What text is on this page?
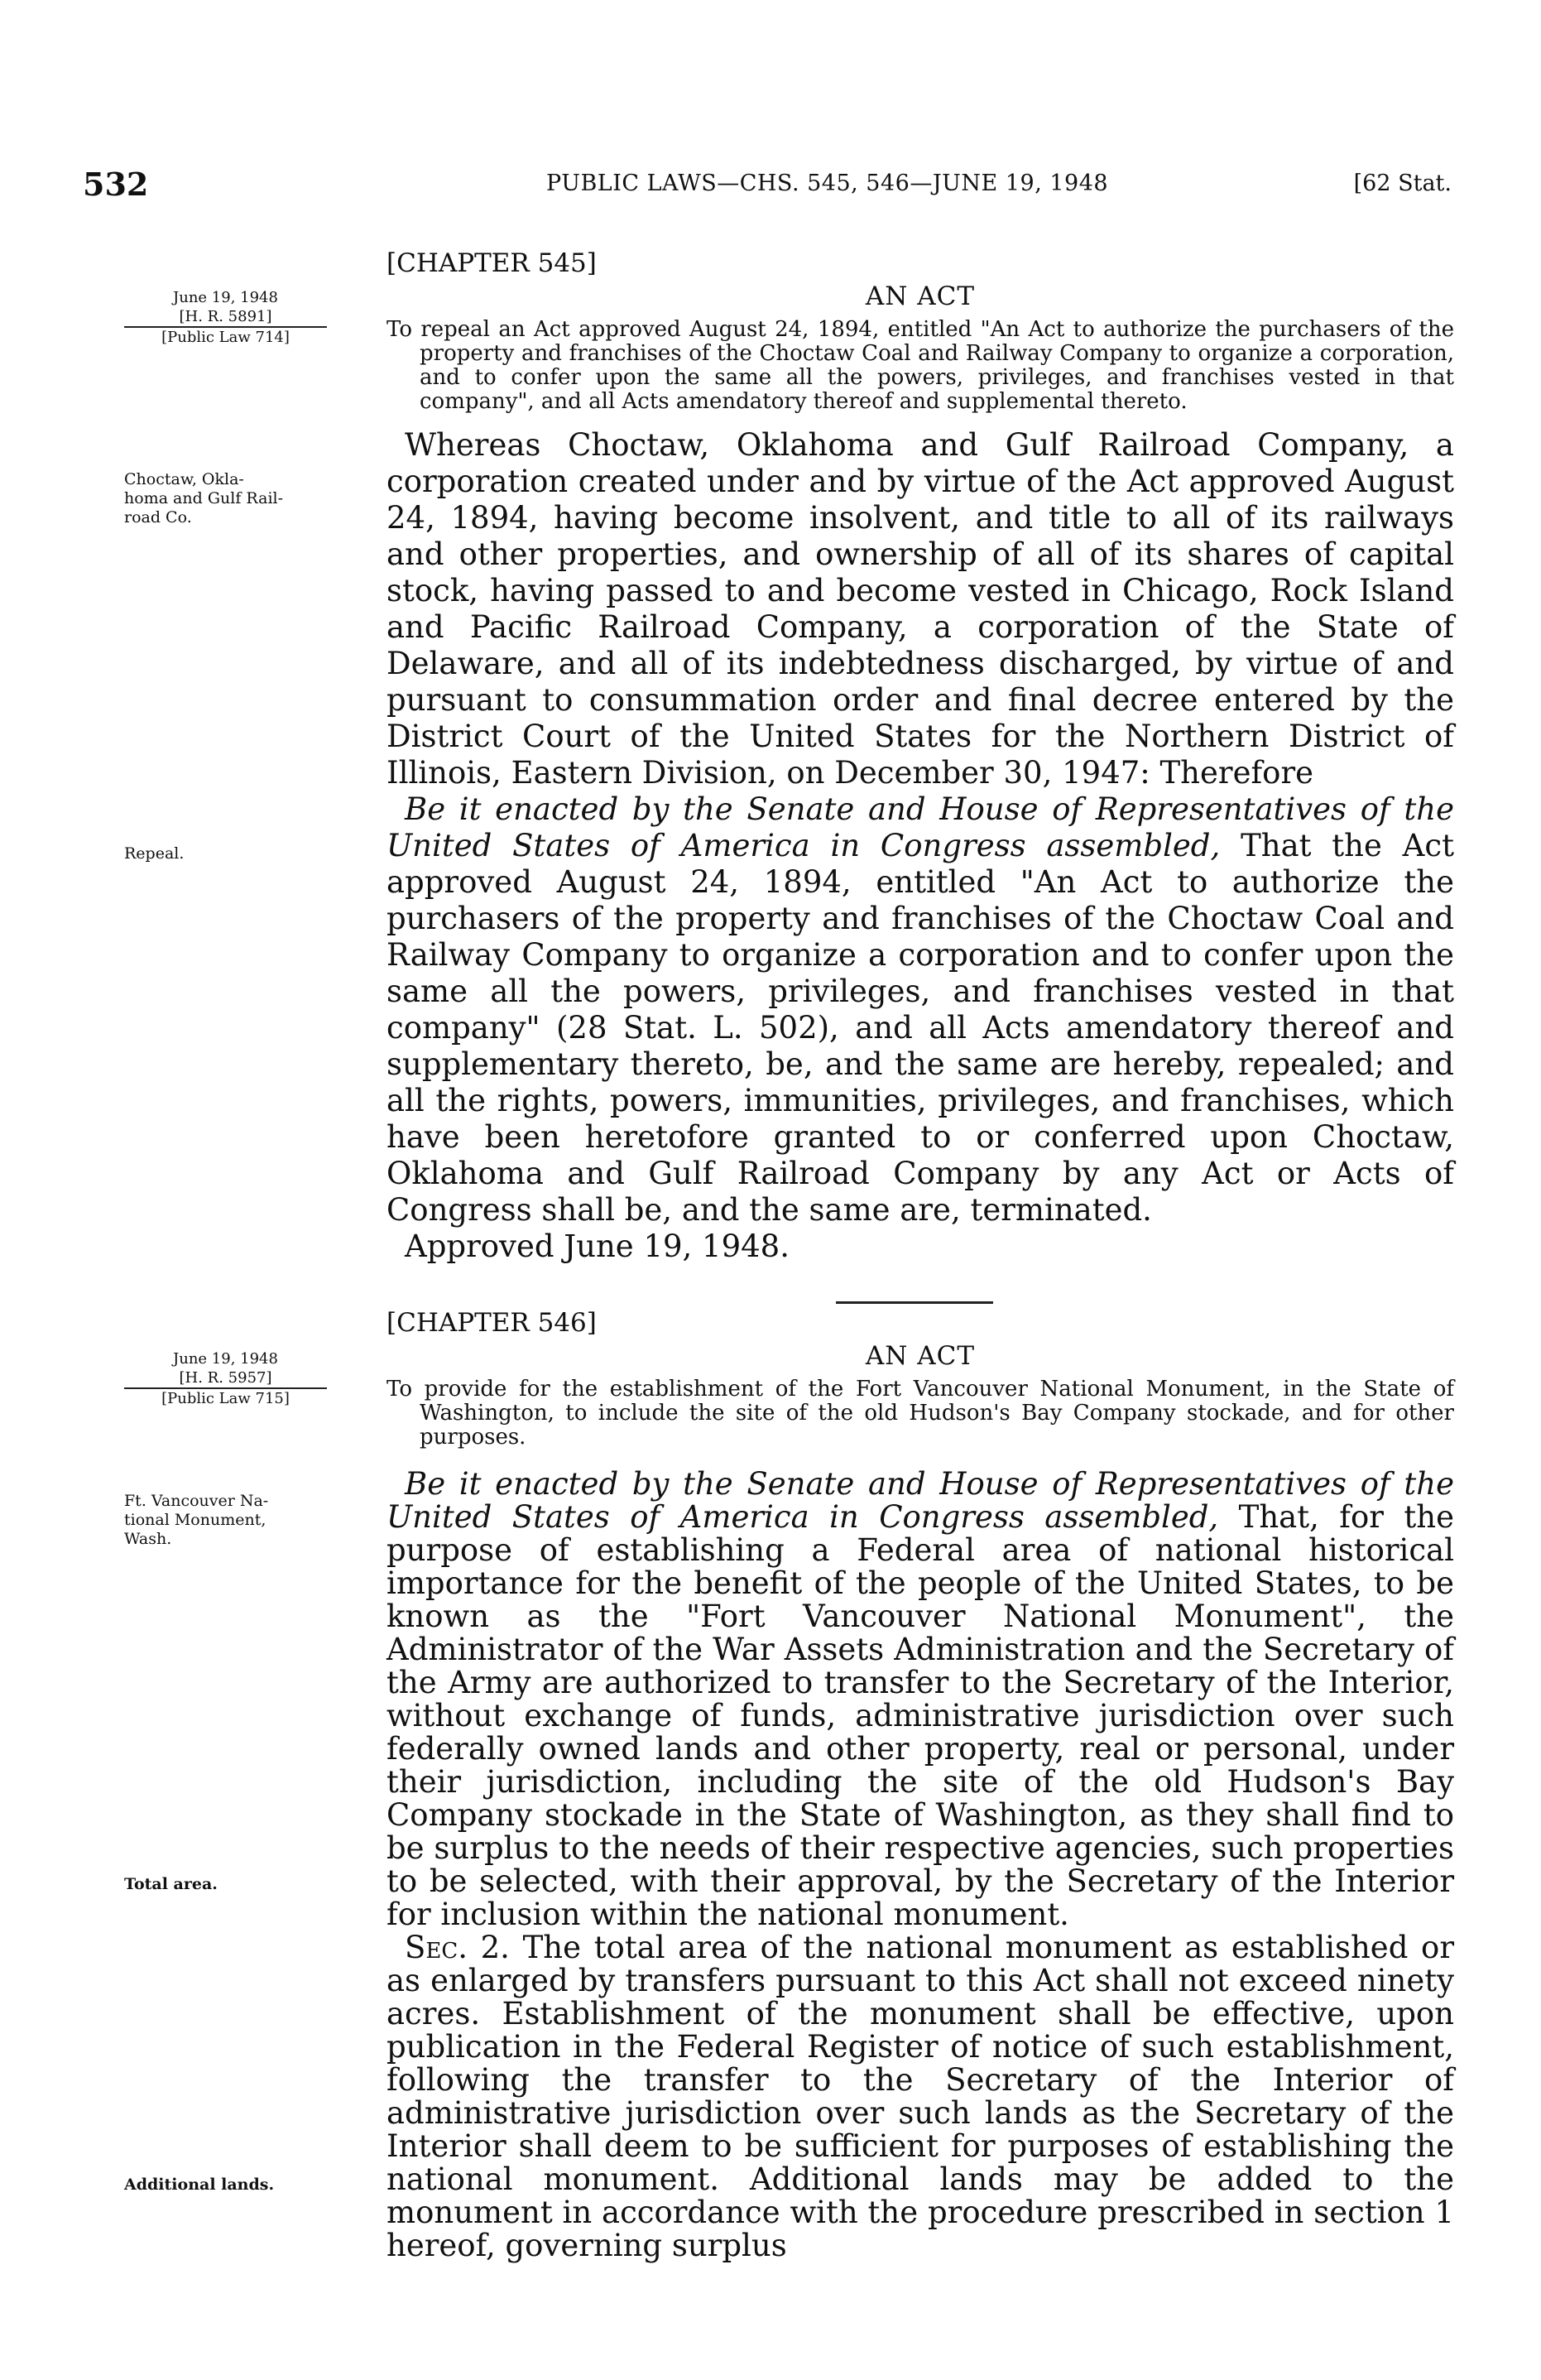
532	PUBLIC LAWS—CHS. 545, 546—JUNE 19, 1948	[62 Stat.
June 19, 1948
[H. R. 5891]
[Public Law 714]
Choctaw, Okla-
homa and Gulf Rail-
road Co.
Repeal.
[CHAPTER 545]
AN ACT
To repeal an Act approved August 24, 1894, entitled "An Act to authorize the purchasers of the property and franchises of the Choctaw Coal and Railway Company to organize a corporation, and to confer upon the same all the powers, privileges, and franchises vested in that company", and all Acts amendatory thereof and supplemental thereto.

Whereas Choctaw, Oklahoma and Gulf Railroad Company, a corporation created under and by virtue of the Act approved August 24, 1894, having become insolvent, and title to all of its railways and other properties, and ownership of all of its shares of capital stock, having passed to and become vested in Chicago, Rock Island and Pacific Railroad Company, a corporation of the State of Delaware, and all of its indebtedness discharged, by virtue of and pursuant to consummation order and final decree entered by the District Court of the United States for the Northern District of Illinois, Eastern Division, on December 30, 1947: Therefore

Be it enacted by the Senate and House of Representatives of the United States of America in Congress assembled, That the Act approved August 24, 1894, entitled "An Act to authorize the purchasers of the property and franchises of the Choctaw Coal and Railway Company to organize a corporation and to confer upon the same all the powers, privileges, and franchises vested in that company" (28 Stat. L. 502), and all Acts amendatory thereof and supplementary thereto, be, and the same are hereby, repealed; and all the rights, powers, immunities, privileges, and franchises, which have been heretofore granted to or conferred upon Choctaw, Oklahoma and Gulf Railroad Company by any Act or Acts of Congress shall be, and the same are, terminated.

Approved June 19, 1948.

June 19, 1948
[H. R. 5957]
[Public Law 715]
Ft. Vancouver Na-
tional Monument,
Wash.
Total area.
Additional lands.
[CHAPTER 546]
AN ACT
To provide for the establishment of the Fort Vancouver National Monument, in the State of Washington, to include the site of the old Hudson's Bay Company stockade, and for other purposes.

Be it enacted by the Senate and House of Representatives of the United States of America in Congress assembled, That, for the purpose of establishing a Federal area of national historical importance for the benefit of the people of the United States, to be known as the "Fort Vancouver National Monument", the Administrator of the War Assets Administration and the Secretary of the Army are authorized to transfer to the Secretary of the Interior, without exchange of funds, administrative jurisdiction over such federally owned lands and other property, real or personal, under their jurisdiction, including the site of the old Hudson's Bay Company stockade in the State of Washington, as they shall find to be surplus to the needs of their respective agencies, such properties to be selected, with their approval, by the Secretary of the Interior for inclusion within the national monument.

Sec. 2. The total area of the national monument as established or as enlarged by transfers pursuant to this Act shall not exceed ninety acres. Establishment of the monument shall be effective, upon publication in the Federal Register of notice of such establishment, following the transfer to the Secretary of the Interior of administrative jurisdiction over such lands as the Secretary of the Interior shall deem to be sufficient for purposes of establishing the national monument. Additional lands may be added to the monument in accordance with the procedure prescribed in section 1 hereof, governing surplus
